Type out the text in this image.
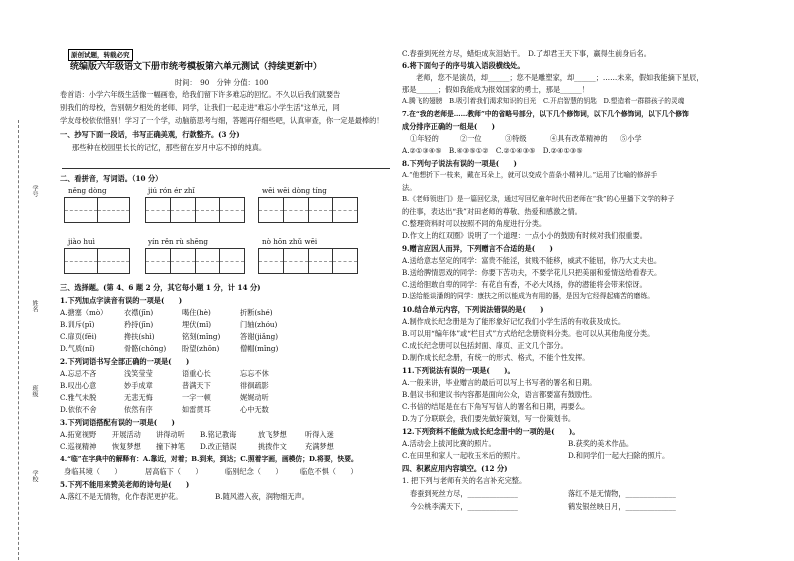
学号
姓名
班级
学校
原创试题，转载必究
统编版六年级语文下册市统考模板第六单元测试（持续更新中）
时间：　90　分钟 分值：100
卷首语：小学六年级生活像一幅画卷，给我们留下许多难忘的回忆。不久以后我们就要告
别我们的母校，告别朝夕相处的老师、同学，让我们一起走进"难忘小学生活"这单元，同
学友母校依依惜别！学习了一个学，动脑筋思考与细，答题再仔细些吧，认真审查，你一定是最棒的！
一、抄写下面一段话，书写正确美观，行款整齐。(3 分)
那些种在校园里长长的记忆，那些留在岁月中忘不掉的纯真。
二、看拼音，写词语。（10 分）
něng dòng	jiú rón ér zhǐ	wēi wēi dòng tíng
jiào huì	yín rěn rù shēng	nò hōn zhǔ wēi
三、选择题。(第 4、6 题 2 分，其它每小题 1 分，计 14 分)
1.下列加点字读音有误的一项是(　　)
A.搪塞（mò） 衣襟(jīn)	喝住(hè)	折断(shé)
B.训斥(pī)	矜持(jīn)	埋伏(mǐ)	门轴(zhóu)
C.扉页(fēi)	搀扶(shì)	铭刻(mǐng)	答谢(jiǎng)
D.气质(nǐ)	骨骼(chōng) 盼望(zhōn)	僧帽(mǐng)
2.下列词语书写全部正确的一项是(　　)
A.忘忌不吝	浅笑莹莹	语重心长	忘忘不休
B.叹出心意	妙手成章	普满天下	徘徊疏影
C.雅气未脱	无悲无悔	一字一顿	娓娓动听
D.依依不舍	依然有序	如雷贯耳	心中无数
3.下列词语搭配有误的一项是(　　)
A.拓宽视野 开展活动 讲得动听 B.铭记教诲	放飞梦想	听得入迷
C.巡视精神 恢复梦想 撞下神笔 D.改正错误	挑拨作文	充满梦想
4.“临”在字典中的解释有：A.靠近，对着；B.到来，到达；C.照着字画，画模仿；D.将要，快要。
身临其境（　　）	居高临下（　　）	临别纪念（　　） 临危不惧（　　）
5.下列不能用来赞美老师的诗句是(　　)
A.落红不是无情物，化作春泥更护花。	B.随风潜入夜，润物细无声。
C.春蚕到死丝方尽，蜡炬成灰泪始干。　D.了却君王天下事，赢得生前身后名。
6.将下面句子的序号填入语段横线处。
老师，您不是演员，却______；您不是雕塑家，却______；……未来，假如我能摘下星辰，
那是______；假如我能成为报效国家的勇士，那是______！
A.腾飞的翅膀　B.吸引着我们渴求知识的目光　C.开启智慧的钥匙　D.塑造着一群群孩子的灵魂
7.在“我的老师是……教师”中的省略号部分，以下几个修饰词，以下几个修饰词，以下几个修饰
成分排序正确的一组是(　　)
①年轻的	②一位	③特级	④具有改革精神的 ⑤小学
A.②①③④⑤　B.④③⑤①②　C.②①④③⑤　D.②④①③⑤
8.下列句子说法有误的一项是(　　)
A.“他想折下一枝来，戴在耳朵上，就可以变成个苗条小精神儿。”运用了比喻的修辞手
法。
B.《老师领进门》是一篇回忆录，通过写回忆童年时代田老师在“我”的心里播下文学的种子
的往事，表达出“我”对田老师的尊敬、热爱和感激之情。
C.整理资料时可以按照不同的角度进行分类。
D.作文上的红双圈》说明了一个道理：一点小小的鼓励有时候对我们很重要。
9.赠言应因人而异，下列赠言不合适的是(　　)
A.送给意志坚定的同学：富贵不能淫，贫贱不能移，威武不能屈，你乃大丈夫也。
B.送给脾情思戏的同学：你要下苦功夫，不要学花儿只把美丽和爱情送给看春天。
C.送给胆敢自卑的同学：有花自有香，不必大风扬，你的潜能将会带来惊讶。
D.送给能谈潘朗的同学：康扶之所以能成为有用的器，是因为它经得起痛苦的磨练。
10.结合单元内容，下列说法错误的是(　　)
A.制作成长纪念册是为了能形象好记忆我们小学生活的有收获及成长。
B.可以用“编年体”或“栏目式”方式给纪念册资料分类。也可以从其他角度分类。
C.成长纪念册可以包括封面、扉页、正文几个部分。
D.制作成长纪念册，有统一的形式、格式，不能个性发挥。
11.下列说法有误的一项是(　　)。
A.一般来讲，毕业赠言的最后可以写上书写者的署名和日期。
B.倡议书和建议书内容都是面向公众，语言都要富有鼓励性。
C.书信的结尾是在右下角写写信人的署名和日期，再要么。
D.为了分联联会，我们要先做好策划，写一份策划书。
12.下列资料不能做为成长纪念册中的一项的是(　　)。
A.活动会上拔河比赛的照片。	B.获奖的美术作品。
C.在田里和家人一起收玉米后的照片。	D.和同学们一起大扫除的照片。
四、积累应用内容填空。(12 分)
1. 把下列与老师有关的名言补充完整。
春蚕到死丝方尽，______________	落红不是无情物，______________
今公桃李满天下，______________	鹤发银丝映日月，______________
